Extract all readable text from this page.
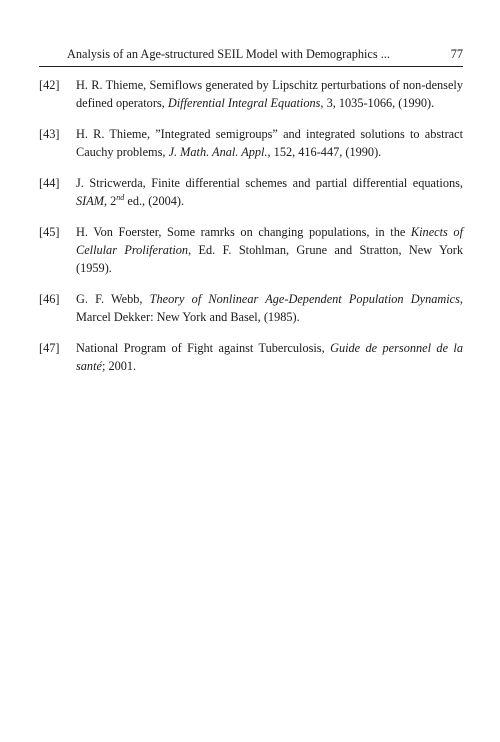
Analysis of an Age-structured SEIL Model with Demographics ...	77
[42] H. R. Thieme, Semiflows generated by Lipschitz perturbations of non-densely defined operators, Differential Integral Equations, 3, 1035-1066, (1990).
[43] H. R. Thieme, ”Integrated semigroups” and integrated solutions to abstract Cauchy problems, J. Math. Anal. Appl., 152, 416-447, (1990).
[44] J. Stricwerda, Finite differential schemes and partial differential equations, SIAM, 2nd ed., (2004).
[45] H. Von Foerster, Some ramrks on changing populations, in the Kinects of Cellular Proliferation, Ed. F. Stohlman, Grune and Stratton, New York (1959).
[46] G. F. Webb, Theory of Nonlinear Age-Dependent Population Dynamics, Marcel Dekker: New York and Basel, (1985).
[47] National Program of Fight against Tuberculosis, Guide de personnel de la santé; 2001.
